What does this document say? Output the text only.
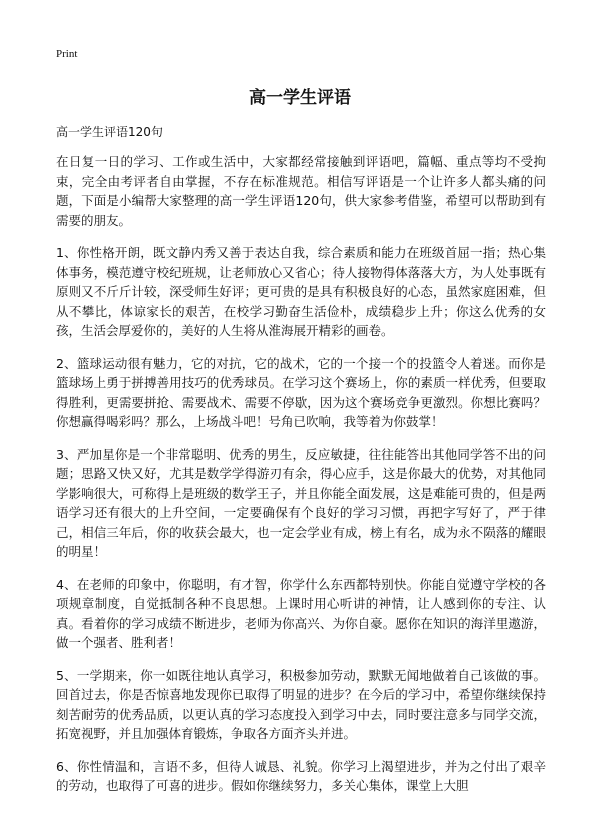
Print
高一学生评语

高一学生评语120句

在日复一日的学习、工作或生活中，大家都经常接触到评语吧，篇幅、重点等均不受拘束，完全由考评者自由掌握，不存在标准规范。相信写评语是一个让许多人都头痛的问题，下面是小编帮大家整理的高一学生评语120句，供大家参考借鉴，希望可以帮助到有需要的朋友。

1、你性格开朗，既文静内秀又善于表达自我，综合素质和能力在班级首屈一指；热心集体事务，模范遵守校纪班规，让老师放心又省心；待人接物得体落落大方，为人处事既有原则又不斤斤计较，深受师生好评；更可贵的是具有积极良好的心态，虽然家庭困难，但从不攀比，体谅家长的艰苦，在校学习勤奋生活俭朴，成绩稳步上升；你这么优秀的女孩，生活会厚爱你的，美好的人生将从淮海展开精彩的画卷。

2、篮球运动很有魅力，它的对抗，它的战术，它的一个接一个的投篮令人着迷。而你是篮球场上勇于拼搏善用技巧的优秀球员。在学习这个赛场上，你的素质一样优秀，但要取得胜利，更需要拼抢、需要战术、需要不停歇，因为这个赛场竞争更激烈。你想比赛吗？你想赢得喝彩吗？那么，上场战斗吧！号角已吹响，我等着为你鼓掌！

3、严加星你是一个非常聪明、优秀的男生，反应敏捷，往往能答出其他同学答不出的问题；思路又快又好，尤其是数学学得游刃有余，得心应手，这是你最大的优势，对其他同学影响很大，可称得上是班级的数学王子，并且你能全面发展，这是难能可贵的，但是两语学习还有很大的上升空间，一定要确保有个良好的学习习惯，再把字写好了，严于律己，相信三年后，你的收获会最大，也一定会学业有成，榜上有名，成为永不陨落的耀眼的明星！

4、在老师的印象中，你聪明，有才智，你学什么东西都特别快。你能自觉遵守学校的各项规章制度，自觉抵制各种不良思想。上课时用心听讲的神情，让人感到你的专注、认真。看着你的学习成绩不断进步，老师为你高兴、为你自豪。愿你在知识的海洋里遨游，做一个强者、胜利者！

5、一学期来，你一如既往地认真学习，积极参加劳动，默默无闻地做着自己该做的事。回首过去，你是否惊喜地发现你已取得了明显的进步？在今后的学习中，希望你继续保持刻苦耐劳的优秀品质，以更认真的学习态度投入到学习中去，同时要注意多与同学交流，拓宽视野，并且加强体育锻炼，争取各方面齐头并进。

6、你性情温和，言语不多，但待人诚恳、礼貌。你学习上渴望进步，并为之付出了艰辛的劳动，也取得了可喜的进步。假如你继续努力，多关心集体，课堂上大胆
